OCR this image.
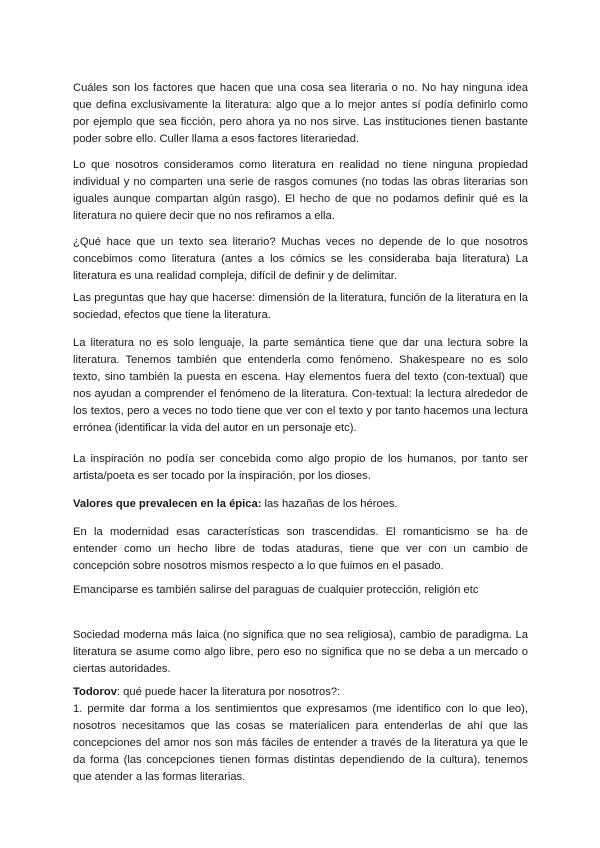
Cuáles son los factores que hacen que una cosa sea literaria o no. No hay ninguna idea que defina exclusivamente la literatura: algo que a lo mejor antes sí podía definirlo como por ejemplo que sea ficción, pero ahora ya no nos sirve. Las instituciones tienen bastante poder sobre ello. Culler llama a esos factores literariedad.

Lo que nosotros consideramos como literatura en realidad no tiene ninguna propiedad individual y no comparten una serie de rasgos comunes (no todas las obras literarias son iguales aunque compartan algún rasgo). El hecho de que no podamos definir qué es la literatura no quiere decir que no nos refiramos a ella.

¿Qué hace que un texto sea literario? Muchas veces no depende de lo que nosotros concebimos como literatura (antes a los cómics se les consideraba baja literatura) La literatura es una realidad compleja, difícil de definir y de delimitar.

Las preguntas que hay que hacerse: dimensión de la literatura, función de la literatura en la sociedad, efectos que tiene la literatura.

La literatura no es solo lenguaje, la parte semántica tiene que dar una lectura sobre la literatura. Tenemos también que entenderla como fenómeno. Shakespeare no es solo texto, sino también la puesta en escena. Hay elementos fuera del texto (con-textual) que nos ayudan a comprender el fenómeno de la literatura. Con-textual: la lectura alrededor de los textos, pero a veces no todo tiene que ver con el texto y por tanto hacemos una lectura errónea (identificar la vida del autor en un personaje etc).

La inspiración no podía ser concebida como algo propio de los humanos, por tanto ser artista/poeta es ser tocado por la inspiración, por los dioses.

Valores que prevalecen en la épica: las hazañas de los héroes.

En la modernidad esas características son trascendidas. El romanticismo se ha de entender como un hecho libre de todas ataduras, tiene que ver con un cambio de concepción sobre nosotros mismos respecto a lo que fuimos en el pasado.

Emanciparse es también salirse del paraguas de cualquier protección, religión etc

Sociedad moderna más laica (no significa que no sea religiosa), cambio de paradigma. La literatura se asume como algo libre, pero eso no significa que no se deba a un mercado o ciertas autoridades.

Todorov: qué puede hacer la literatura por nosotros?:

1. permite dar forma a los sentimientos que expresamos (me identifico con lo que leo), nosotros necesitamos que las cosas se materialicen para entenderlas de ahí que las concepciones del amor nos son más fáciles de entender a través de la literatura ya que le da forma (las concepciones tienen formas distintas dependiendo de la cultura), tenemos que atender a las formas literarias.
